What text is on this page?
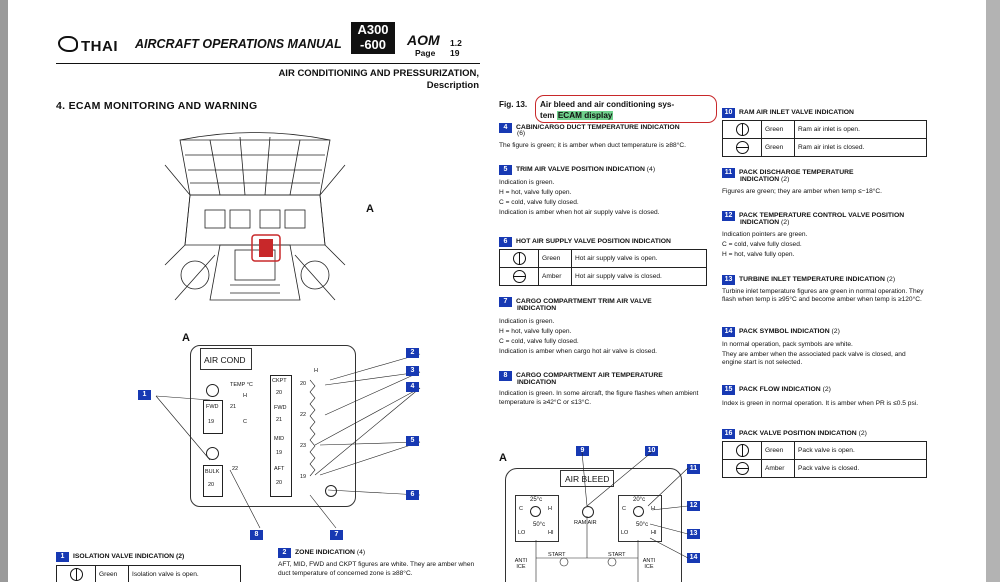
THAI AIRCRAFT OPERATIONS MANUAL
A300
-600	AOM 1.2
Page 19
AIR CONDITIONING AND PRESSURIZATION,
Description
4. ECAM MONITORING AND WARNING
A
A
AIR COND
TEMP °C
H
C
FWD 21
19
BULK 22
20
CKPT
20
FWD
21
MID
19
AFT
20
20
22
23
19
H
1
2
3
4
5
6
7
8
1 ISOLATION VALVE INDICATION (2)
	Green	Isolation valve is open.
2 ZONE INDICATION (4)
AFT, MID, FWD and CKPT figures are white. They are amber when duct temperature of concerned zone is ≥88°C.
Fig. 13. Air bleed and air conditioning sys-
tem ECAM display
4 CABIN/CARGO DUCT TEMPERATURE INDICATION
(6)
The figure is green; it is amber when duct temperature is ≥88°C.
5 TRIM AIR VALVE POSITION INDICATION (4)
Indication is green.
H = hot, valve fully open.
C = cold, valve fully closed.
Indication is amber when hot air supply valve is closed.
6 HOT AIR SUPPLY VALVE POSITION INDICATION
	Green	Hot air supply valve is open.
	Amber	Hot air supply valve is closed.
7 CARGO COMPARTMENT TRIM AIR VALVE
INDICATION
Indication is green.
H = hot, valve fully open.
C = cold, valve fully closed.
Indication is amber when cargo hot air valve is closed.
8 CARGO COMPARTMENT AIR TEMPERATURE
INDICATION
Indication is green. In some aircraft, the figure flashes when ambient temperature is ≥42°C or ≤13°C.
A
9	10
11
12
13
14
AIR BLEED
25°c	20°c
C	H	C	H
50°c	50°c
LO	HI	LO	HI
RAM AIR
START	START
ANTI ICE
ANTI ICE
10 RAM AIR INLET VALVE INDICATION
	Green	Ram air inlet is open.
	Green	Ram air inlet is closed.
11 PACK DISCHARGE TEMPERATURE
INDICATION (2)
Figures are green; they are amber when temp ≤−18°C.
12 PACK TEMPERATURE CONTROL VALVE POSITION
INDICATION (2)
Indication pointers are green.
C = cold, valve fully closed.
H = hot, valve fully open.
13 TURBINE INLET TEMPERATURE INDICATION (2)
Turbine inlet temperature figures are green in normal operation. They flash when temp is ≥95°C and become amber when temp is ≥120°C.
14 PACK SYMBOL INDICATION (2)
In normal operation, pack symbols are white.
They are amber when the associated pack valve is closed, and engine start is not selected.
15 PACK FLOW INDICATION (2)
Index is green in normal operation. It is amber when PR is ≤0.5 psi.
16 PACK VALVE POSITION INDICATION (2)
	Green	Pack valve is open.
	Amber	Pack valve is closed.
